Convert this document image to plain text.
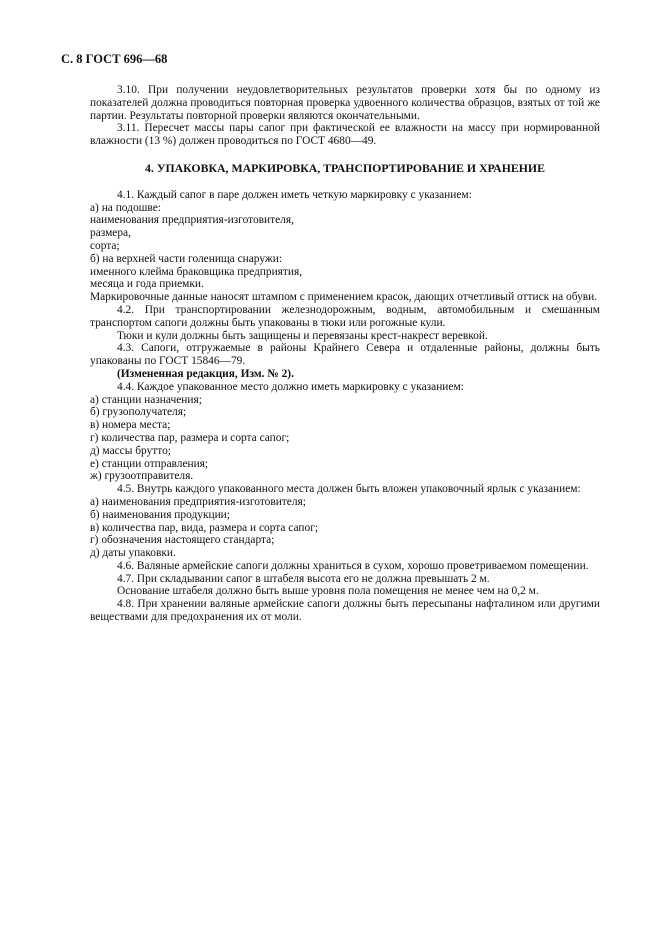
С. 8 ГОСТ 696—68

3.10. При получении неудовлетворительных результатов проверки хотя бы по одному из показателей должна проводиться повторная проверка удвоенного количества образцов, взятых от той же партии. Результаты повторной проверки являются окончательными.

3.11. Пересчет массы пары сапог при фактической ее влажности на массу при нормированной влажности (13 %) должен проводиться по ГОСТ 4680—49.

4. УПАКОВКА, МАРКИРОВКА, ТРАНСПОРТИРОВАНИЕ И ХРАНЕНИЕ

4.1. Каждый сапог в паре должен иметь четкую маркировку с указанием:

а) на подошве:

наименования предприятия-изготовителя,

размера,

сорта;

б) на верхней части голенища снаружи:

именного клейма браковщика предприятия,

месяца и года приемки.

Маркировочные данные наносят штампом с применением красок, дающих отчетливый оттиск на обуви.

4.2. При транспортировании железнодорожным, водным, автомобильным и смешанным транспортом сапоги должны быть упакованы в тюки или рогожные кули.

Тюки и кули должны быть защищены и перевязаны крест-накрест веревкой.

4.3. Сапоги, отгружаемые в районы Крайнего Севера и отдаленные районы, должны быть упакованы по ГОСТ 15846—79.

(Измененная редакция, Изм. № 2).

4.4. Каждое упакованное место должно иметь маркировку с указанием:

а) станции назначения;

б) грузополучателя;

в) номера места;

г) количества пар, размера и сорта сапог;

д) массы брутто;

е) станции отправления;

ж) грузоотправителя.

4.5. Внутрь каждого упакованного места должен быть вложен упаковочный ярлык с указанием:

а) наименования предприятия-изготовителя;

б) наименования продукции;

в) количества пар, вида, размера и сорта сапог;

г) обозначения настоящего стандарта;

д) даты упаковки.

4.6. Валяные армейские сапоги должны храниться в сухом, хорошо проветриваемом помещении.

4.7. При складывании сапог в штабеля высота его не должна превышать 2 м.

Основание штабеля должно быть выше уровня пола помещения не менее чем на 0,2 м.

4.8. При хранении валяные армейские сапоги должны быть пересыпаны нафталином или другими веществами для предохранения их от моли.
